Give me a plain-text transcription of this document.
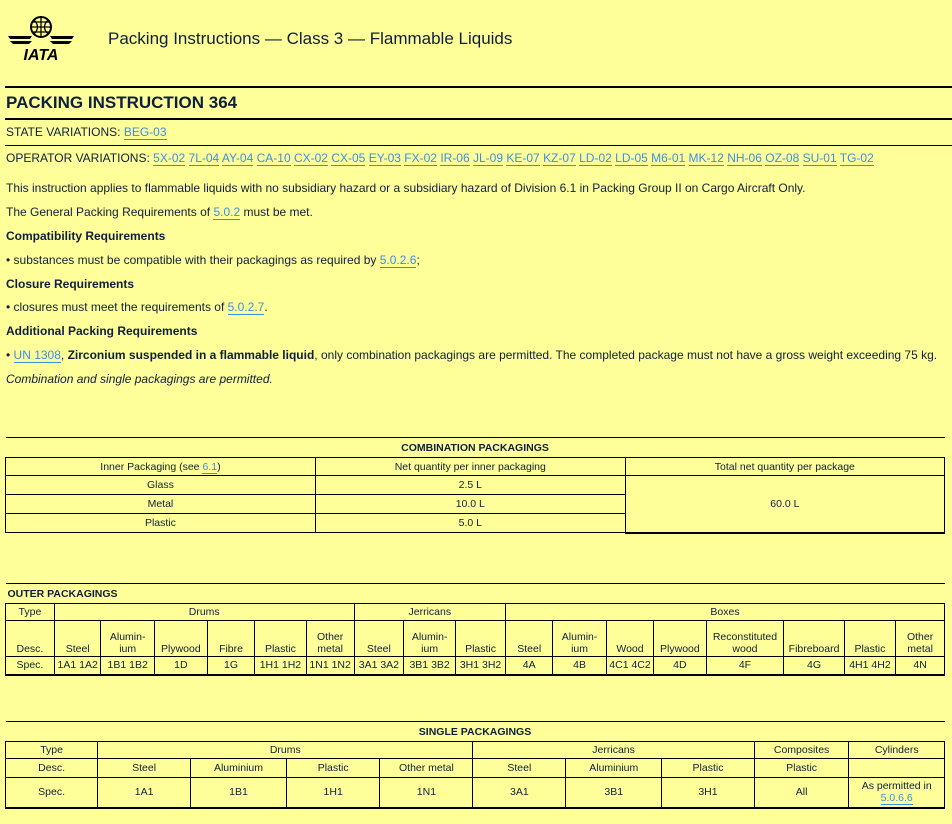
IATA
Packing Instructions — Class 3 — Flammable Liquids
PACKING INSTRUCTION 364
STATE VARIATIONS: BEG-03
OPERATOR VARIATIONS: 5X-02 7L-04 AY-04 CA-10 CX-02 CX-05 EY-03 FX-02 IR-06 JL-09 KE-07 KZ-07 LD-02 LD-05 M6-01 MK-12 NH-06 OZ-08 SU-01 TG-02
This instruction applies to flammable liquids with no subsidiary hazard or a subsidiary hazard of Division 6.1 in Packing Group II on Cargo Aircraft Only.
The General Packing Requirements of 5.0.2 must be met.
Compatibility Requirements
• substances must be compatible with their packagings as required by 5.0.2.6;
Closure Requirements
• closures must meet the requirements of 5.0.2.7.
Additional Packing Requirements
• UN 1308, Zirconium suspended in a flammable liquid, only combination packagings are permitted. The completed package must not have a gross weight exceeding 75 kg.
Combination and single packagings are permitted.
COMBINATION PACKAGINGS		
Inner Packaging (see 6.1)	Net quantity per inner packaging	Total net quantity per package
Glass	2.5 L	60.0 L
Metal	10.0 L	
Plastic	5.0 L	
OUTER PACKAGINGS																	
Type	Drums						Jerricans			Boxes							
Desc.	Steel	Alumin-ium	Plywood	Fibre	Plastic	Other metal	Steel	Alumin-ium	Plastic	Steel	Alumin-ium	Wood	Plywood	Reconstituted wood	Fibreboard	Plastic	Other metal
Spec.	1A1 1A2	1B1 1B2	1D	1G	1H1 1H2	1N1 1N2	3A1 3A2	3B1 3B2	3H1 3H2	4A	4B	4C1 4C2	4D	4F	4G	4H1 4H2	4N
SINGLE PACKAGINGS									
Type	Drums				Jerricans			Composites	Cylinders
Desc.	Steel	Aluminium	Plastic	Other metal	Steel	Aluminium	Plastic	Plastic	
Spec.	1A1	1B1	1H1	1N1	3A1	3B1	3H1	All	As permitted in
5.0.6.6
